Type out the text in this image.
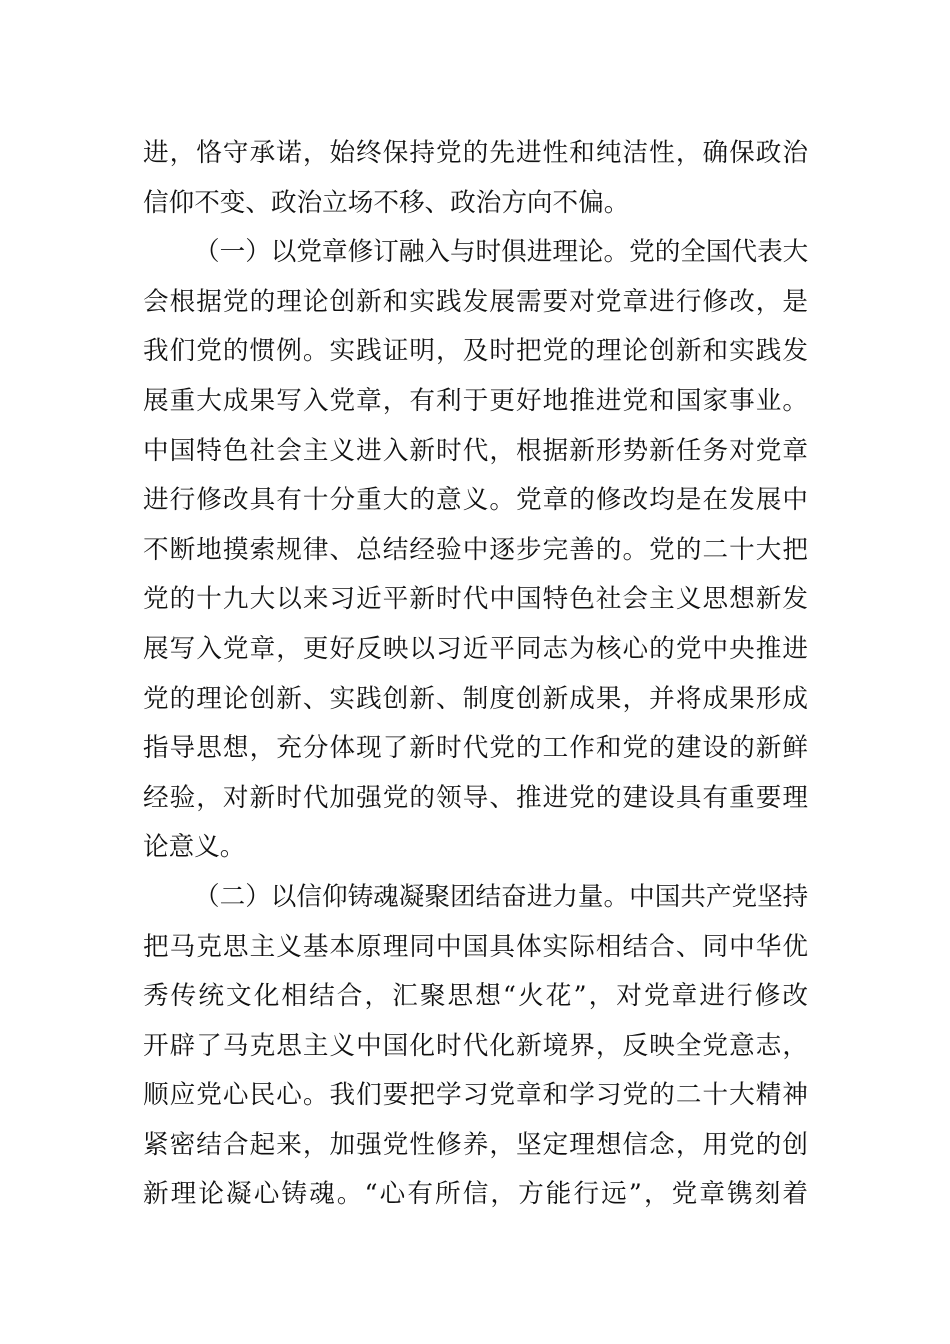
进，恪守承诺，始终保持党的先进性和纯洁性，确保政治
信仰不变、政治立场不移、政治方向不偏。
（一）以党章修订融入与时俱进理论。党的全国代表大
会根据党的理论创新和实践发展需要对党章进行修改，是
我们党的惯例。实践证明，及时把党的理论创新和实践发
展重大成果写入党章，有利于更好地推进党和国家事业。
中国特色社会主义进入新时代，根据新形势新任务对党章
进行修改具有十分重大的意义。党章的修改均是在发展中
不断地摸索规律、总结经验中逐步完善的。党的二十大把
党的十九大以来习近平新时代中国特色社会主义思想新发
展写入党章，更好反映以习近平同志为核心的党中央推进
党的理论创新、实践创新、制度创新成果，并将成果形成
指导思想，充分体现了新时代党的工作和党的建设的新鲜
经验，对新时代加强党的领导、推进党的建设具有重要理
论意义。
（二）以信仰铸魂凝聚团结奋进力量。中国共产党坚持
把马克思主义基本原理同中国具体实际相结合、同中华优
秀传统文化相结合，汇聚思想“火花”，对党章进行修改
开辟了马克思主义中国化时代化新境界，反映全党意志，
顺应党心民心。我们要把学习党章和学习党的二十大精神
紧密结合起来，加强党性修养，坚定理想信念，用党的创
新理论凝心铸魂。“心有所信，方能行远”，党章镌刻着
